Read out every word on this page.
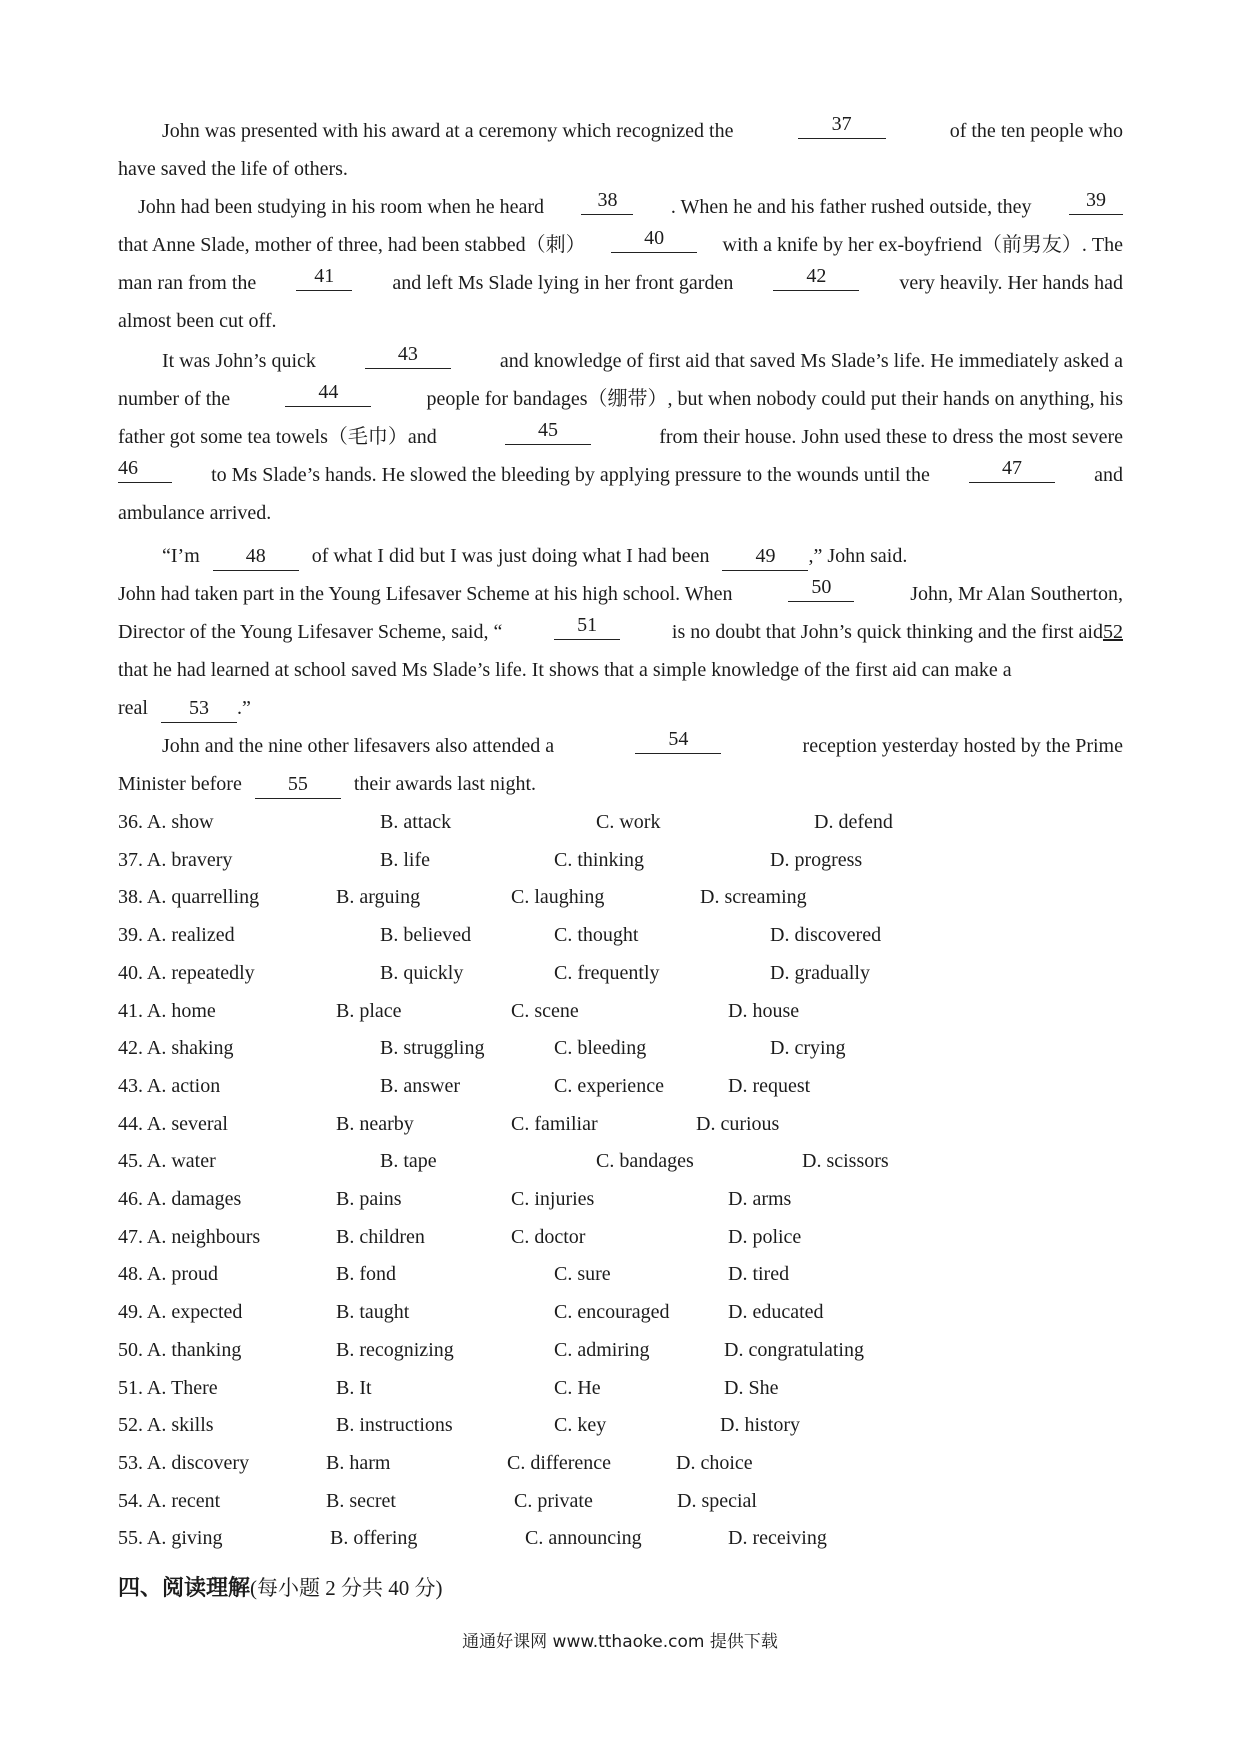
John was presented with his award at a ceremony which recognized the	37	of the ten people who
have saved the life of others.
John had been studying in his room when he heard	38	. When he and his father rushed outside, they	39
that Anne Slade, mother of three, had been stabbed（刺）	40	with a knife by her ex-boyfriend（前男友）. The
man ran from the	41	and left Ms Slade lying in her front garden	42	very heavily. Her hands had
almost been cut off.
It was John’s quick	43	and knowledge of first aid that saved Ms Slade’s life. He immediately asked a
number of the	44	people for bandages（绷带）, but when nobody could put their hands on anything, his
father got some tea towels（毛巾）and	45	from their house. John used these to dress the most severe
46	to Ms Slade’s hands. He slowed the bleeding by applying pressure to the wounds until the	47	and
ambulance arrived.
“I’m 48 of what I did but I was just doing what I had been 49 ,” John said.
John had taken part in the Young Lifesaver Scheme at his high school. When	50	John, Mr Alan Southerton,
Director of the Young Lifesaver Scheme, said, “	51	is no doubt that John’s quick thinking and the first aid 52
that he had learned at school saved Ms Slade’s life. It shows that a simple knowledge of the first aid can make a
real 53 .”
John and the nine other lifesavers also attended a	54	reception yesterday hosted by the Prime
Minister before 55 their awards last night.
36. A. show	B. attack	C. work	D. defend
37. A. bravery	B. life	C. thinking	D. progress
38. A. quarrelling	B. arguing	C. laughing	D. screaming
39. A. realized	B. believed	C. thought	D. discovered
40. A. repeatedly	B. quickly	C. frequently	D. gradually
41. A. home	B. place	C. scene	D. house
42. A. shaking	B. struggling	C. bleeding	D. crying
43. A. action	B. answer	C. experience	D. request
44. A. several	B. nearby	C. familiar	D. curious
45. A. water	B. tape	C. bandages	D. scissors
46. A. damages	B. pains	C. injuries	D. arms
47. A. neighbours	B. children	C. doctor	D. police
48. A. proud	B. fond	C. sure	D. tired
49. A. expected	B. taught	C. encouraged	D. educated
50. A. thanking	B. recognizing	C. admiring	D. congratulating
51. A. There	B. It	C. He	D. She
52. A. skills	B. instructions	C. key	D. history
53. A. discovery	B. harm	C. difference	D. choice
54. A. recent	B. secret	C. private	D. special
55. A. giving	B. offering	C. announcing	D. receiving
四、阅读理解(每小题 2 分共 40 分)
通通好课网 www.tthaoke.com 提供下载
